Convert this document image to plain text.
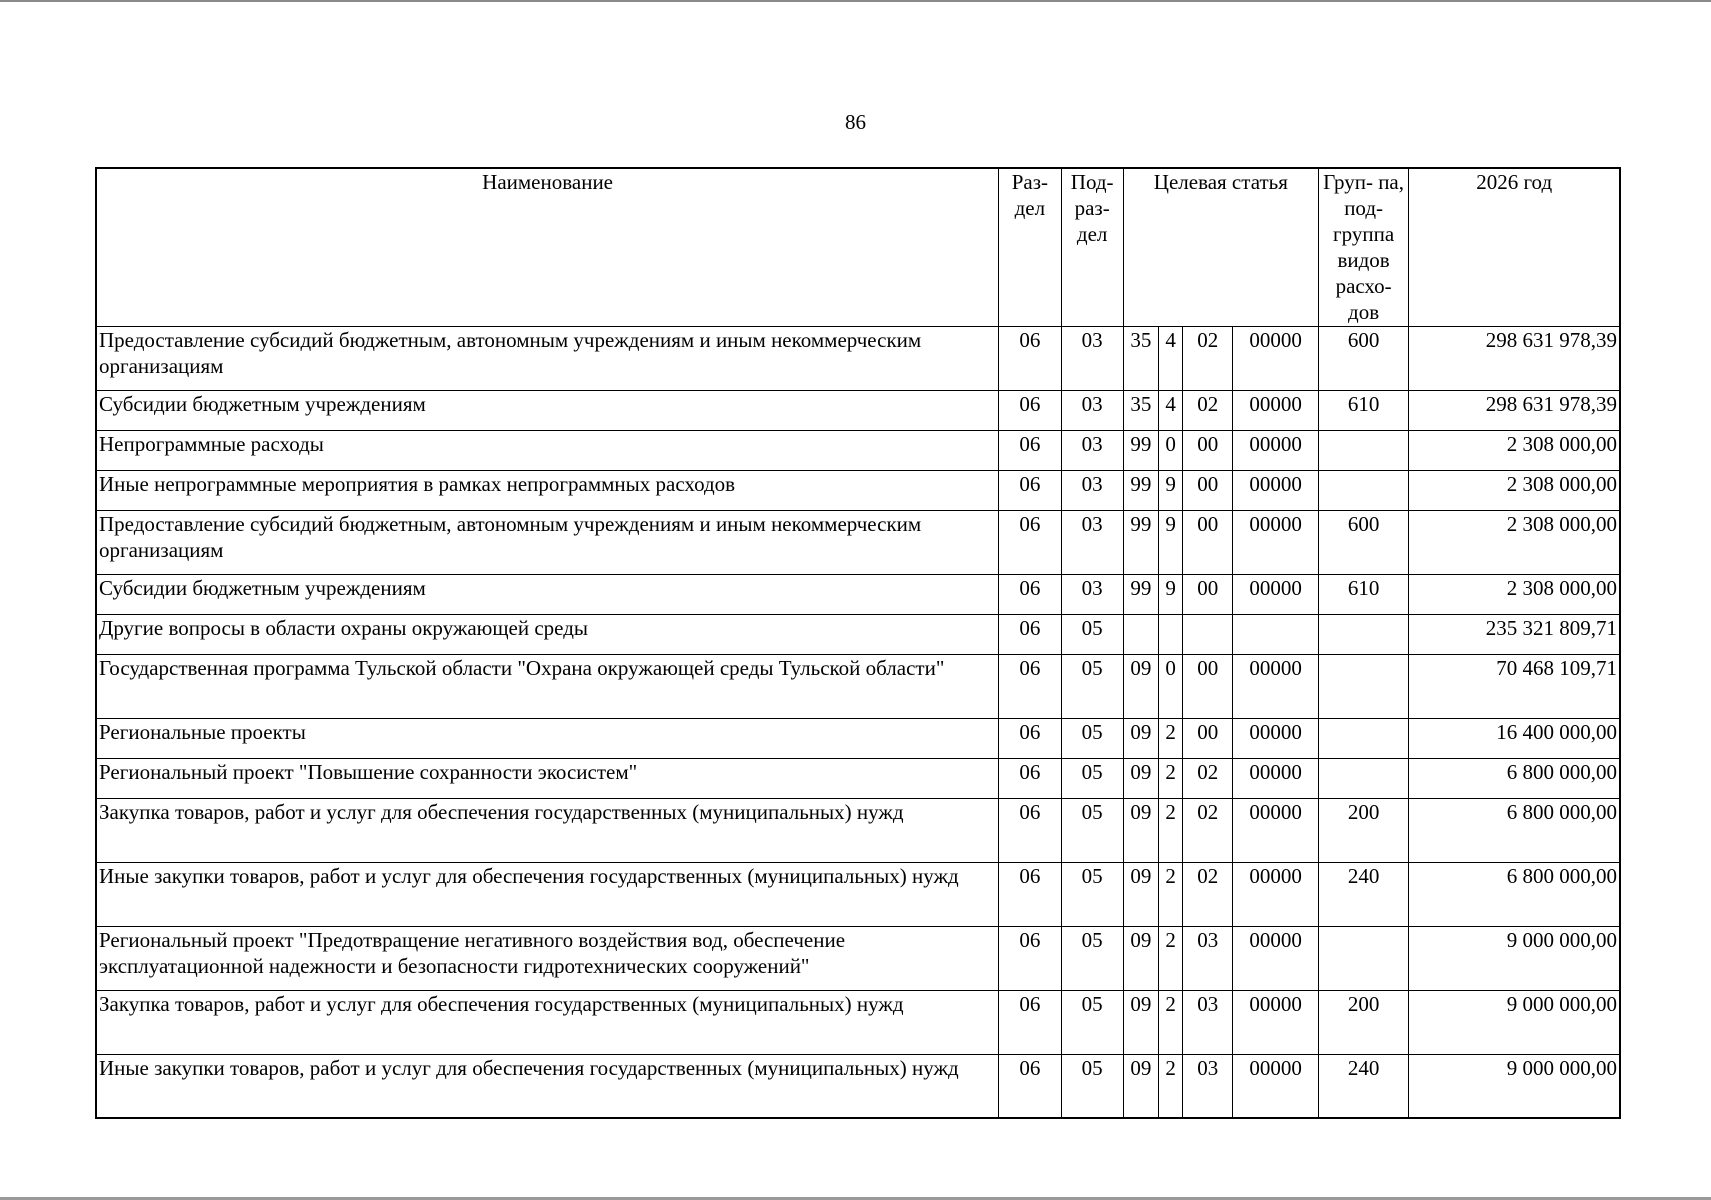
86
Наименование	Раз- дел	Под- раз- дел	Целевая статья				Груп- па, под- группа видов расхо- дов	2026 год
Предоставление субсидий бюджетным, автономным учреждениям и иным некоммерческим организациям	06	03	35	4	02	00000	600	298 631 978,39
Субсидии бюджетным учреждениям	06	03	35	4	02	00000	610	298 631 978,39
Непрограммные расходы	06	03	99	0	00	00000		2 308 000,00
Иные непрограммные мероприятия в рамках непрограммных расходов	06	03	99	9	00	00000		2 308 000,00
Предоставление субсидий бюджетным, автономным учреждениям и иным некоммерческим организациям	06	03	99	9	00	00000	600	2 308 000,00
Субсидии бюджетным учреждениям	06	03	99	9	00	00000	610	2 308 000,00
Другие вопросы в области охраны окружающей среды	06	05						235 321 809,71
Государственная программа Тульской области "Охрана окружающей среды Тульской области"	06	05	09	0	00	00000		70 468 109,71
Региональные проекты	06	05	09	2	00	00000		16 400 000,00
Региональный проект "Повышение сохранности экосистем"	06	05	09	2	02	00000		6 800 000,00
Закупка товаров, работ и услуг для обеспечения государственных (муниципальных) нужд	06	05	09	2	02	00000	200	6 800 000,00
Иные закупки товаров, работ и услуг для обеспечения государственных (муниципальных) нужд	06	05	09	2	02	00000	240	6 800 000,00
Региональный проект "Предотвращение негативного воздействия вод, обеспечение эксплуатационной надежности и безопасности гидротехнических сооружений"	06	05	09	2	03	00000		9 000 000,00
Закупка товаров, работ и услуг для обеспечения государственных (муниципальных) нужд	06	05	09	2	03	00000	200	9 000 000,00
Иные закупки товаров, работ и услуг для обеспечения государственных (муниципальных) нужд	06	05	09	2	03	00000	240	9 000 000,00
